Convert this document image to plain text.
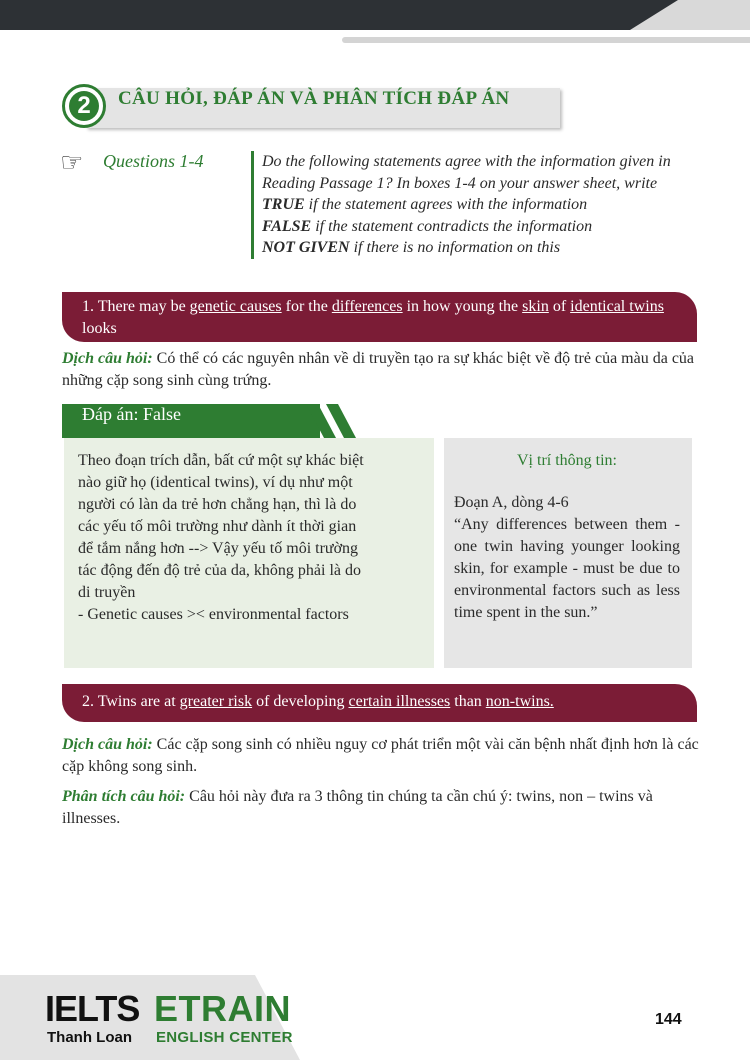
2	CÂU HỎI, ĐÁP ÁN VÀ PHÂN TÍCH ĐÁP ÁN
☞ Questions 1-4	Do the following statements agree with the information given in Reading Passage 1? In boxes 1-4 on your answer sheet, write
TRUE if the statement agrees with the information
FALSE if the statement contradicts the information
NOT GIVEN if there is no information on this
1. There may be genetic causes for the differences in how young the skin of identical twins looks
Dịch câu hỏi: Có thể có các nguyên nhân về di truyền tạo ra sự khác biệt về độ trẻ của màu da của những cặp song sinh cùng trứng.
Đáp án: False
Theo đoạn trích dẫn, bất cứ một sự khác biệt
nào giữ họ (identical twins), ví dụ như một
người có làn da trẻ hơn chẳng hạn, thì là do
các yếu tố môi trường như dành ít thời gian
để tắm nắng hơn --> Vậy yếu tố môi trường
tác động đến độ trẻ của da, không phải là do
di truyền
- Genetic causes >< environmental factors
Vị trí thông tin:
Đoạn A, dòng 4-6
“Any differences between them - one twin having younger looking skin, for example - must be due to environmental factors such as less time spent in the sun.”
2. Twins are at greater risk of developing certain illnesses than non-twins.
Dịch câu hỏi: Các cặp song sinh có nhiều nguy cơ phát triển một vài căn bệnh nhất định hơn là các cặp không song sinh.
Phân tích câu hỏi: Câu hỏi này đưa ra 3 thông tin chúng ta cần chú ý: twins, non – twins và illnesses.
IELTS
Thanh Loan
ETRAIN
ENGLISH CENTER
144
